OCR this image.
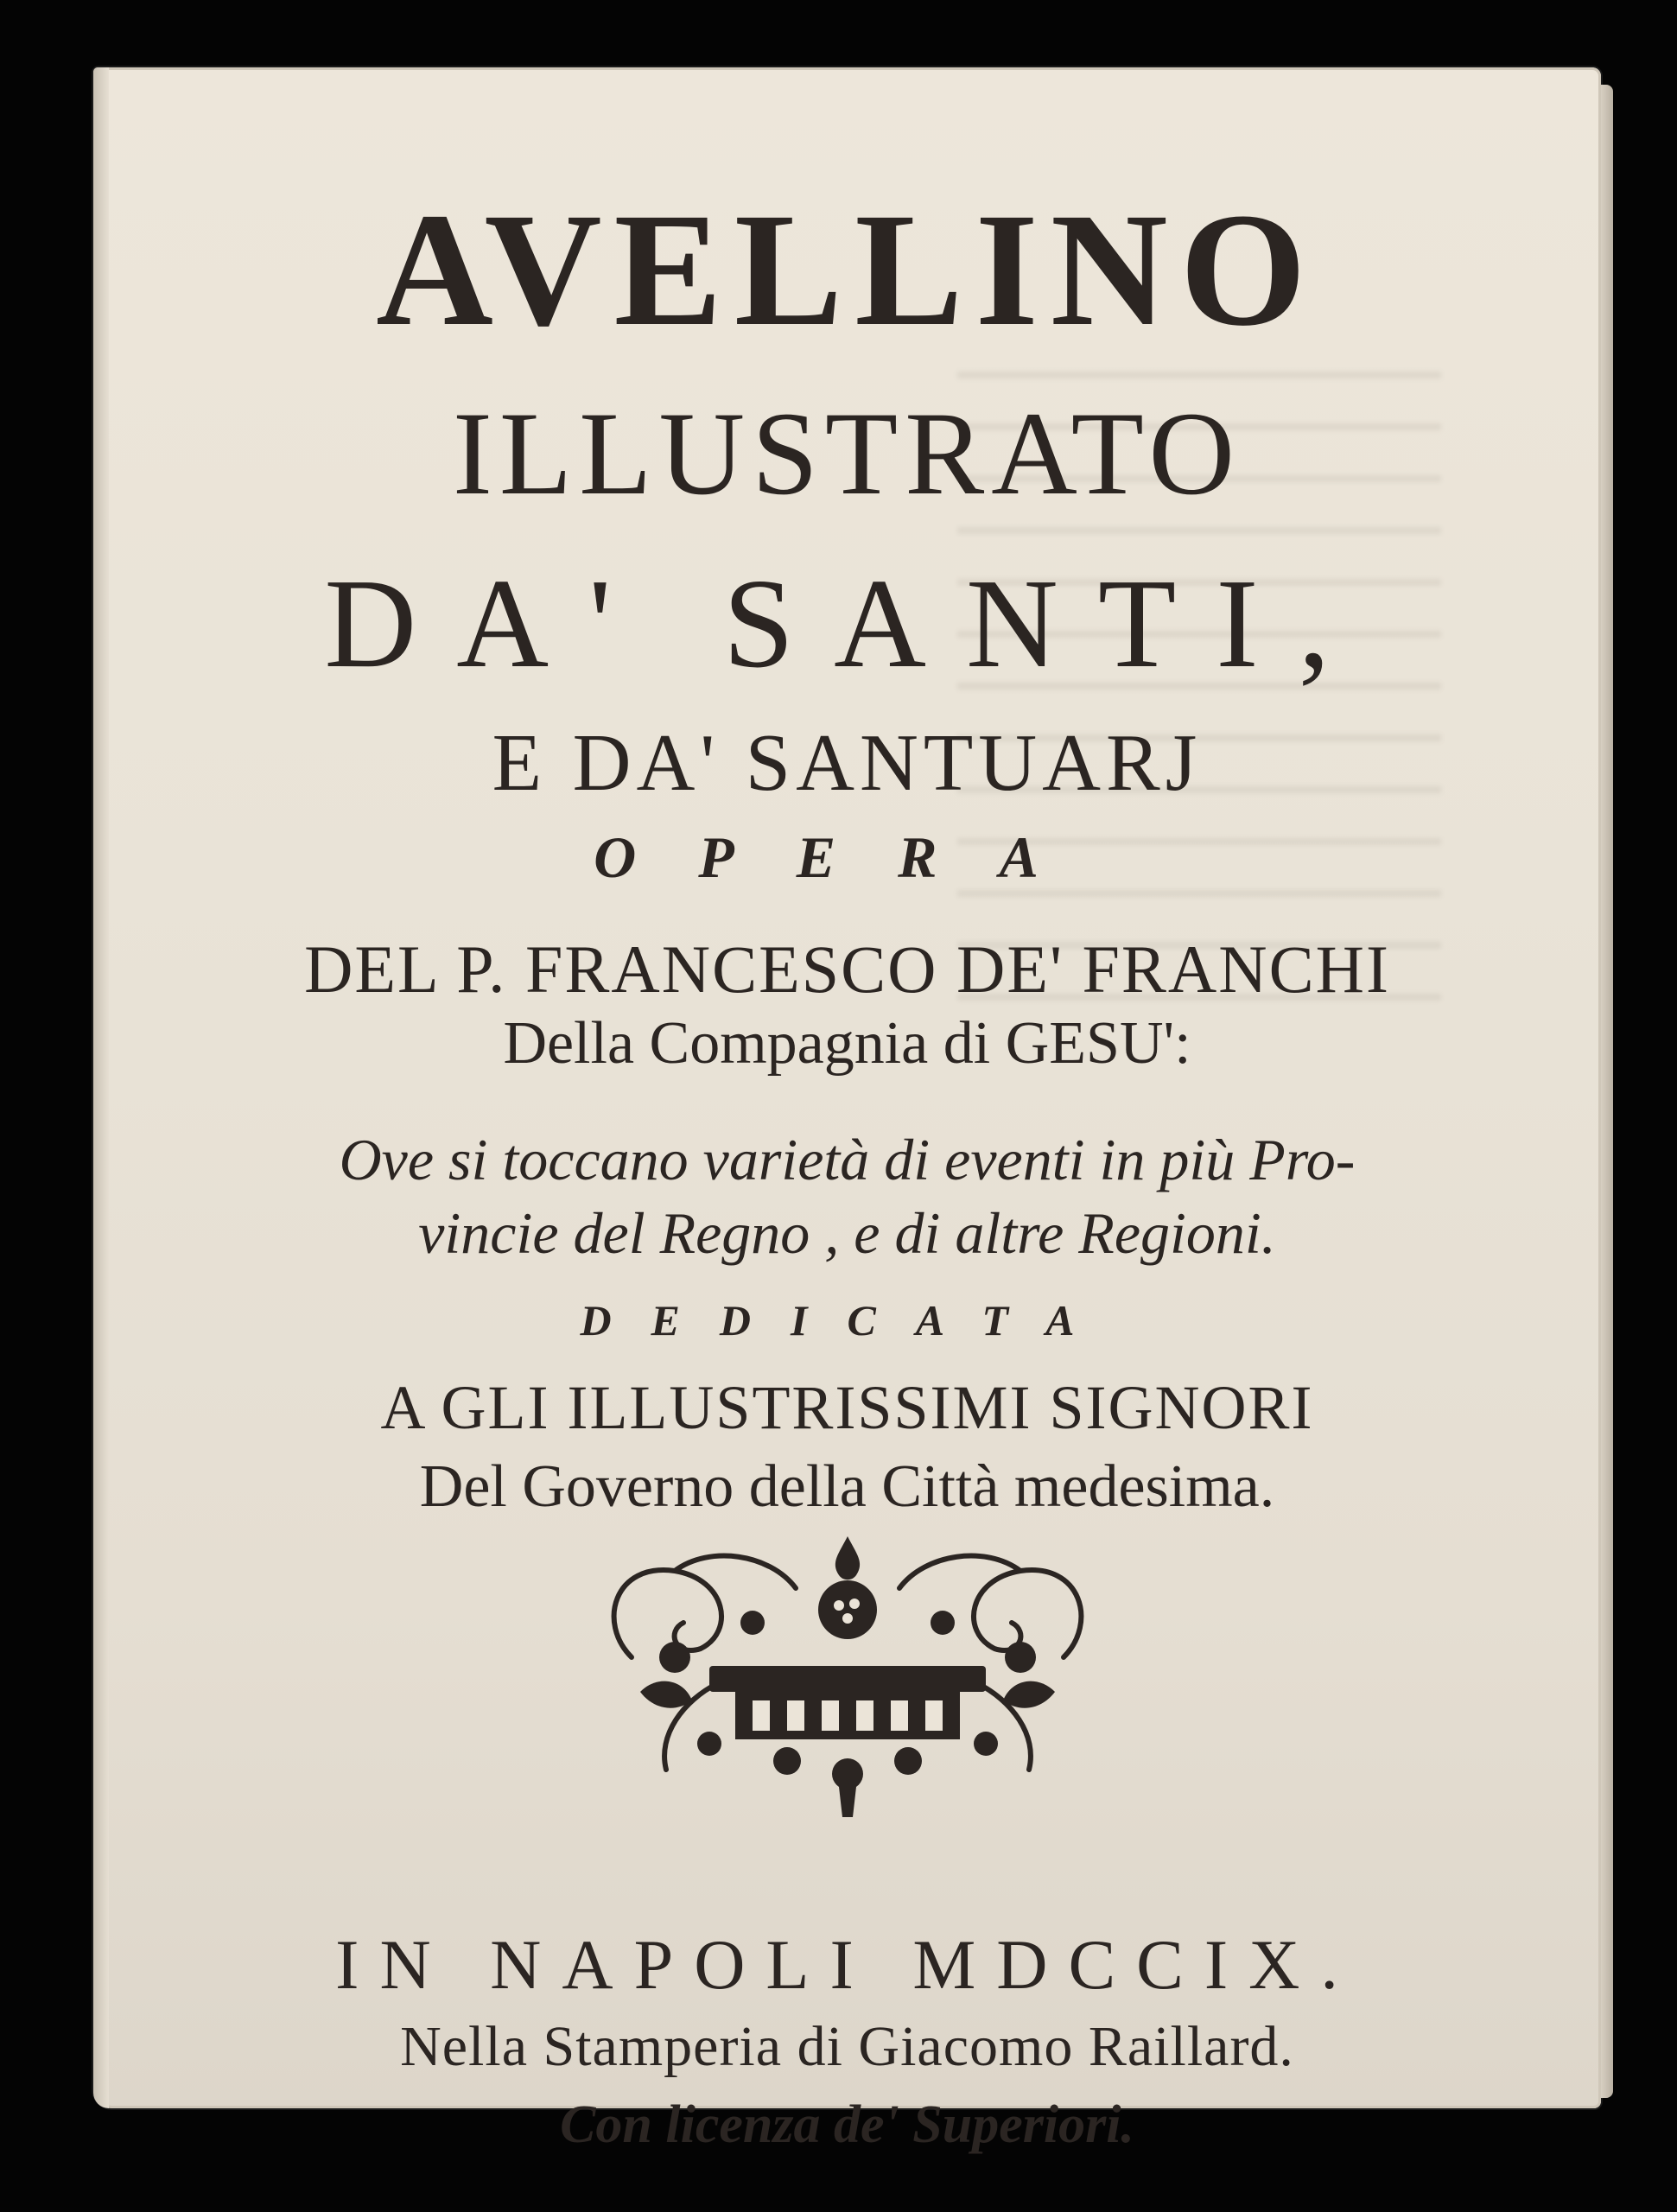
AVELLINO
ILLUSTRATO
DA' SANTI,
E DA' SANTUARJ
OPERA
DEL P. FRANCESCO DE' FRANCHI
Della Compagnia di GESU':
Ove si toccano varietà di eventi in più Pro-
vincie del Regno , e di altre Regioni.
DEDICATA
A GLI ILLUSTRISSIMI SIGNORI
Del Governo della Città medesima.
IN NAPOLI MDCCIX.
Nella Stamperia di Giacomo Raillard.
Con licenza de' Superiori.
